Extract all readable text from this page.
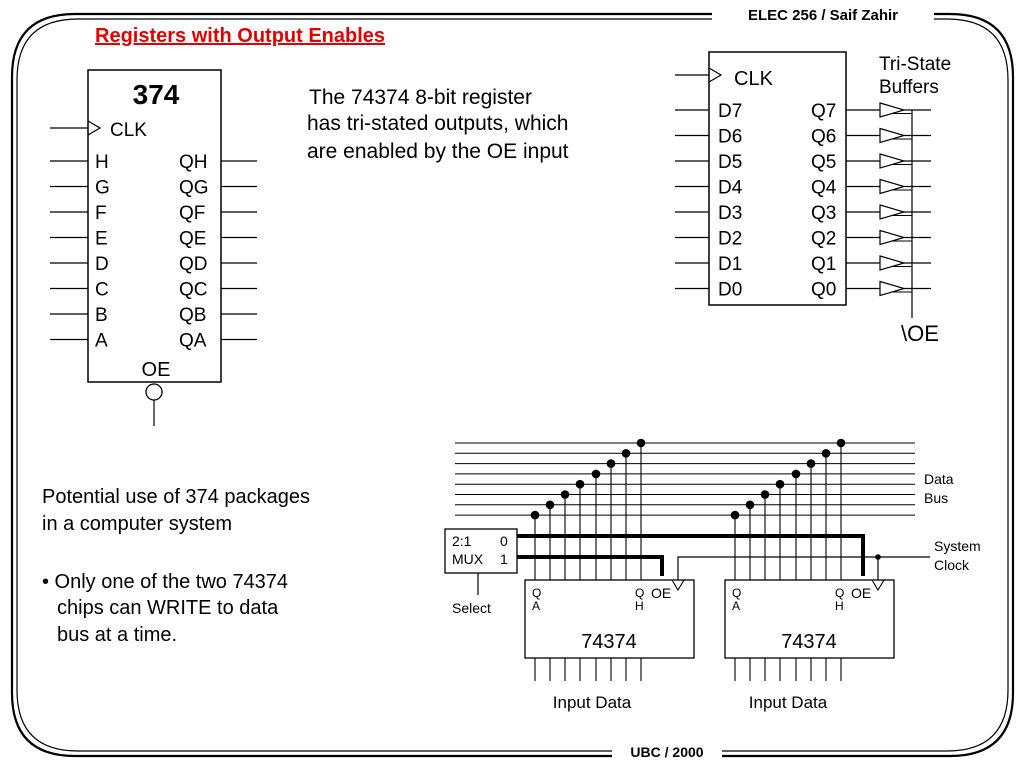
ELEC 256 / Saif Zahir
UBC / 2000
Registers with Output Enables
374
CLK
H	QH
G	QG
F	QF
E	QE
D	QD
C	QC
B	QB
A	QA
OE
The 74374 8-bit register
has tri-stated outputs, which
are enabled by the OE input
CLK
Tri-State
Buffers
D7	Q7
D6	Q6
D5	Q5
D4	Q4
D3	Q3
D2	Q2
D1	Q1
D0	Q0
\OE
Potential use of 374 packages
in a computer system
• Only one of the two 74374
chips can WRITE to data
bus at a time.
Data
Bus
2:1
MUX
0
1
Select
System
Clock
Q
A
Q
H
OE
74374
Input Data
Q
A
Q
H
OE
74374
Input Data
